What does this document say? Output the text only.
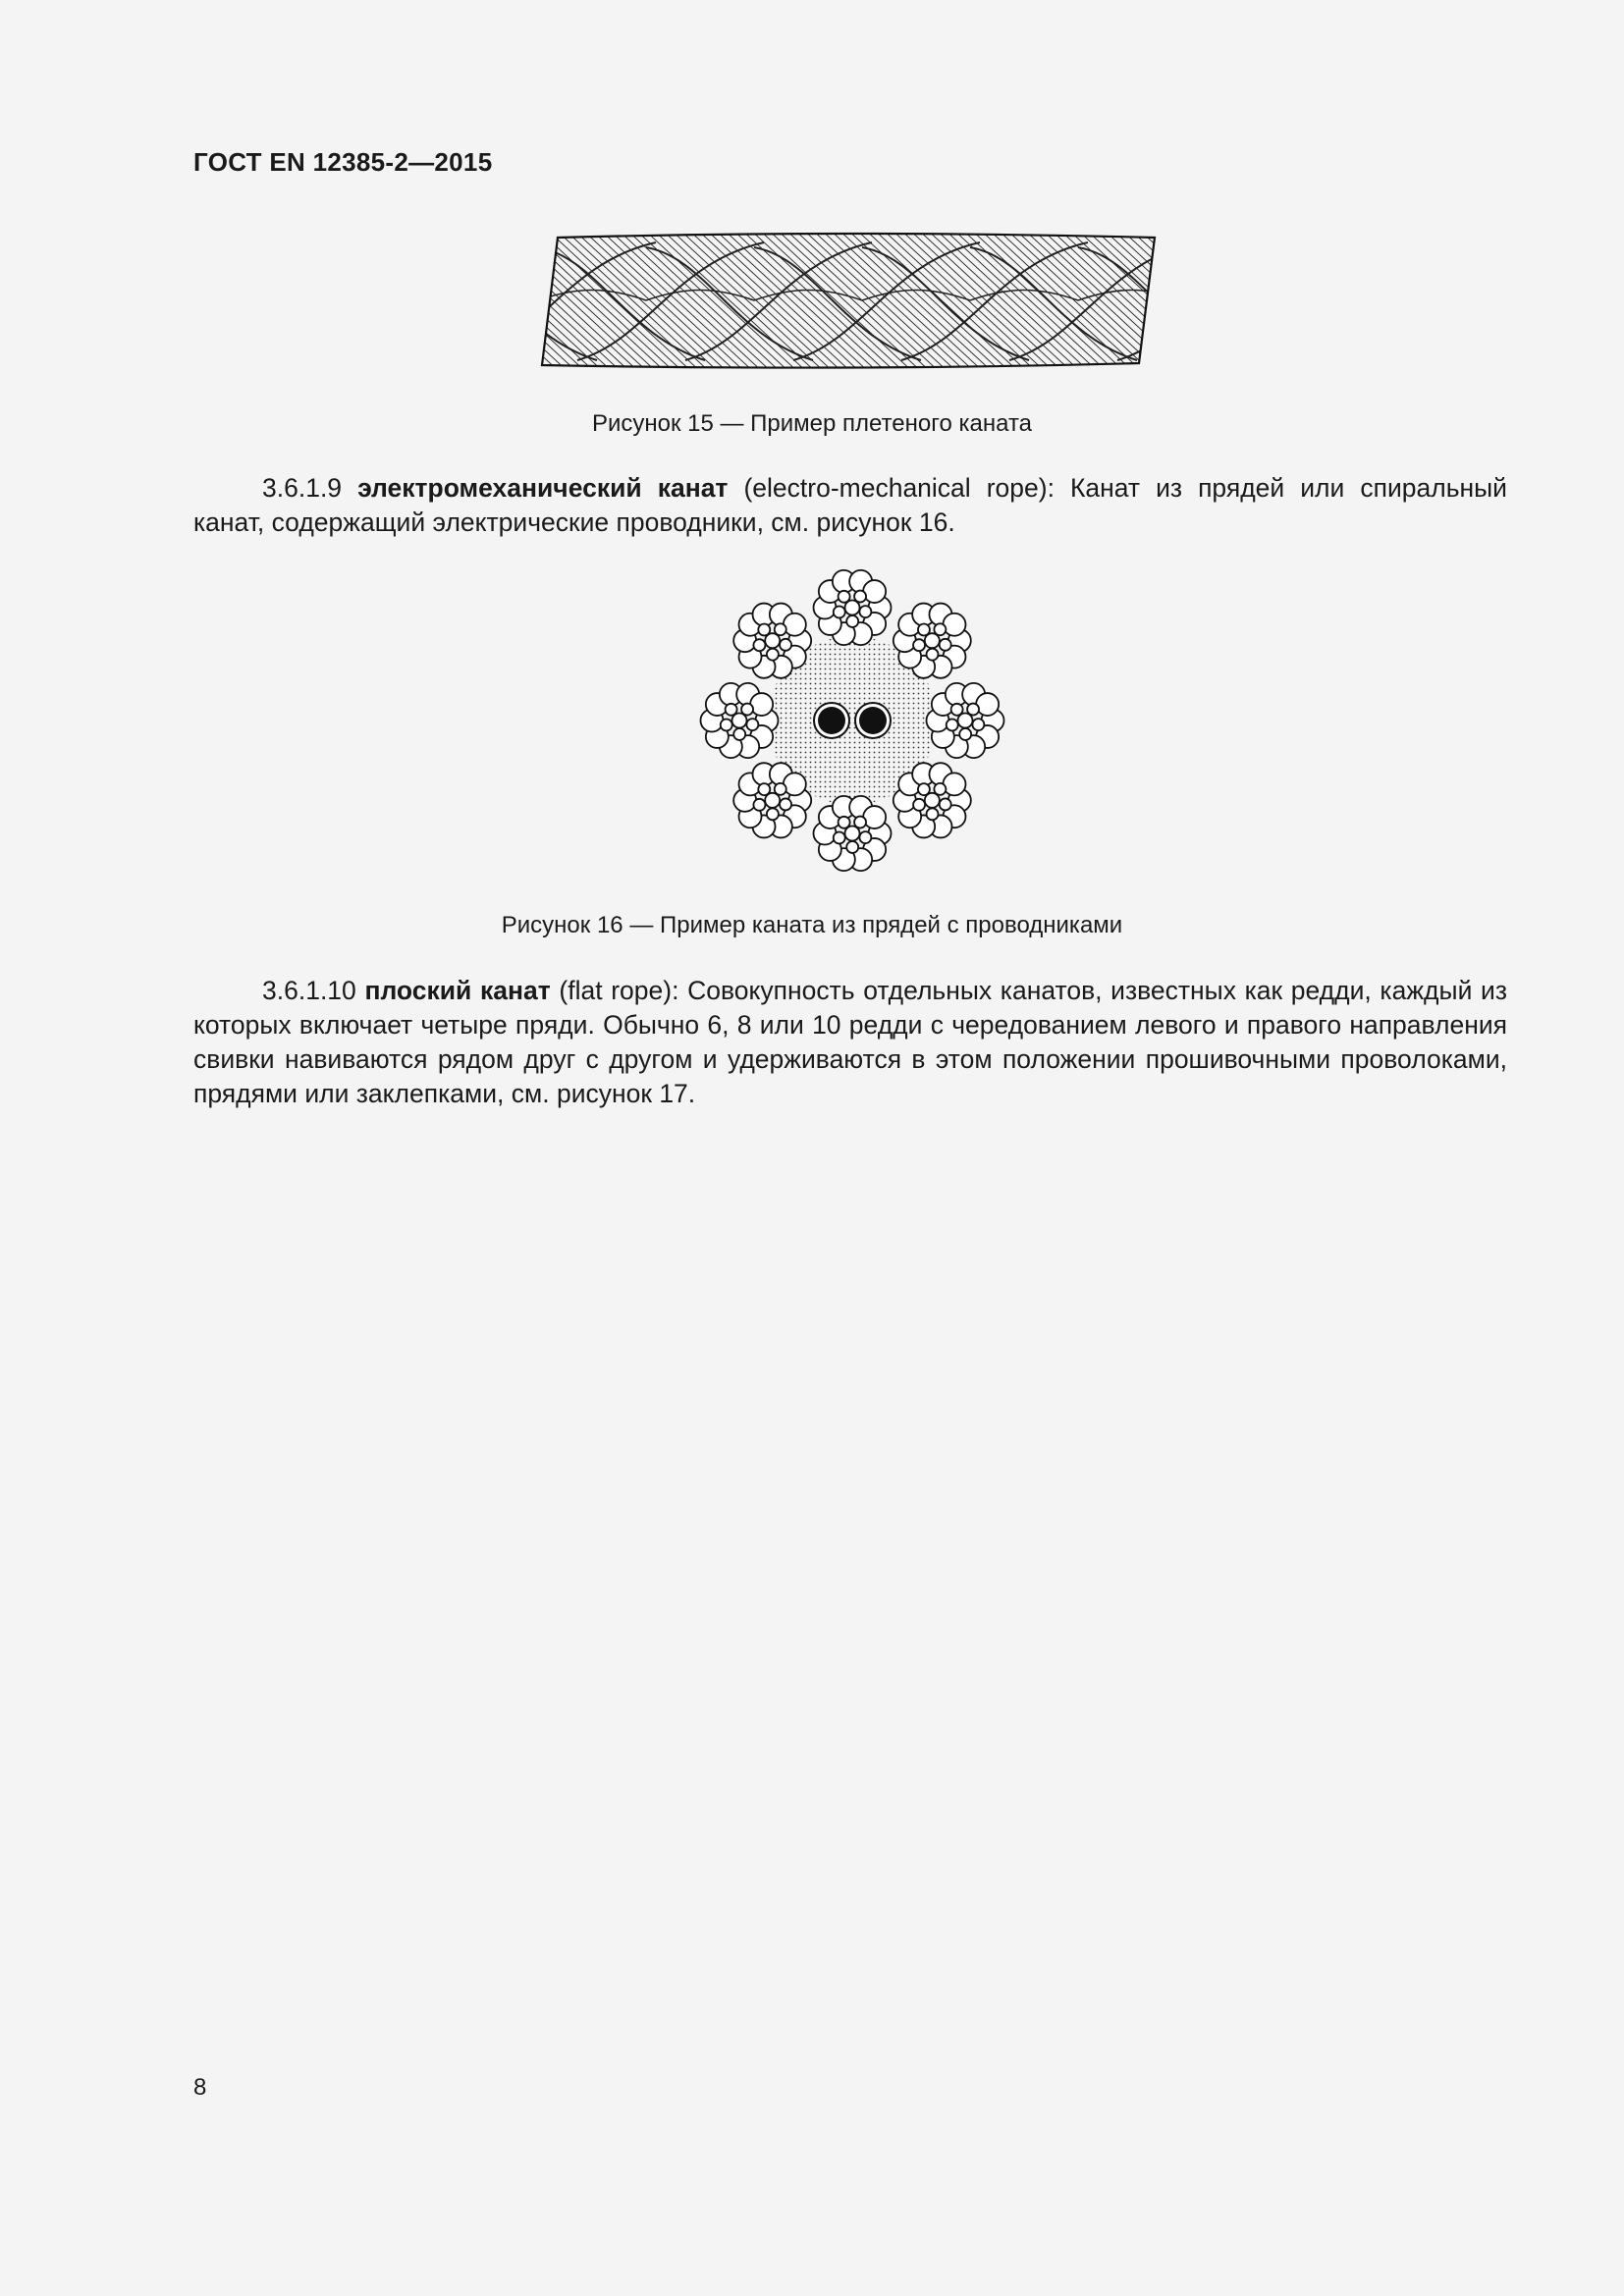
ГОСТ EN 12385-2—2015
Рисунок 15 — Пример плетеного каната

3.6.1.9 электромеханический канат (electro-mechanical rope): Канат из прядей или спиральный канат, содержащий электрические проводники, см. рисунок 16.

Рисунок 16 — Пример каната из прядей с проводниками

3.6.1.10 плоский канат (flat rope): Совокупность отдельных канатов, известных как редди, каждый из которых включает четыре пряди. Обычно 6, 8 или 10 редди с чередованием левого и правого направления свивки навиваются рядом друг с другом и удерживаются в этом положении прошивочными проволоками, прядями или заклепками, см. рисунок 17.

8
